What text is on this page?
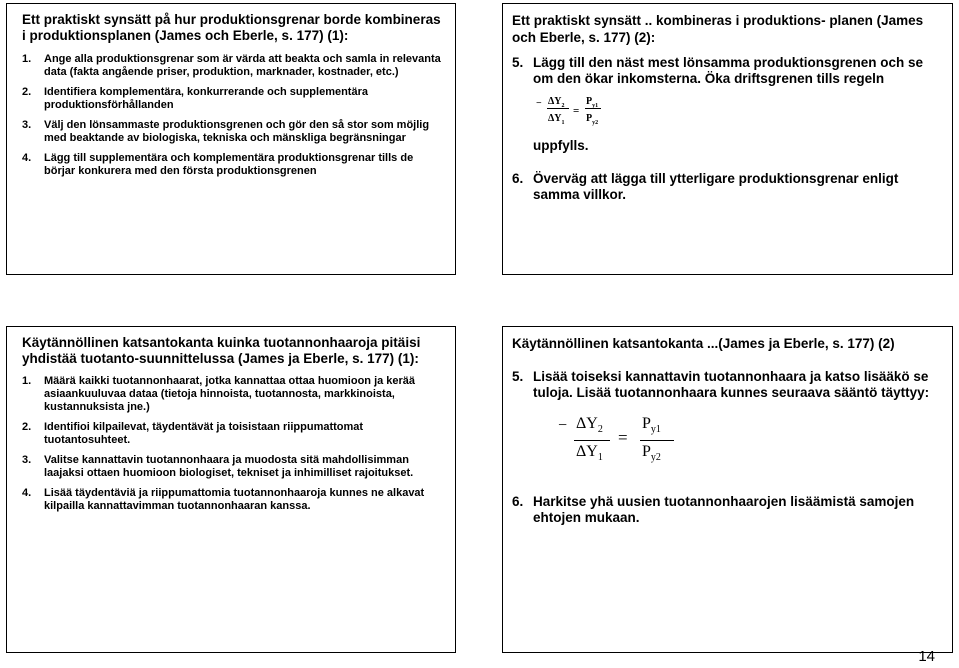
Ett praktiskt synsätt på hur produktionsgrenar borde kombineras i produktionsplanen (James och Eberle, s. 177) (1):
1.	Ange alla produktionsgrenar som är värda att beakta och samla in relevanta data (fakta angående priser, produktion, marknader, kostnader, etc.)
2.	Identifiera komplementära, konkurrerande och supplementära produktionsförhållanden
3.	Välj den lönsammaste produktionsgrenen och gör den så stor som möjlig med beaktande av biologiska, tekniska och mänskliga begränsningar
4.	Lägg till supplementära och komplementära produktionsgrenar tills de börjar konkurera med den första produktionsgrenen
Ett praktiskt synsätt .. kombineras i produktions- planen (James och Eberle, s. 177) (2):
5. Lägg till den näst mest lönsamma produktionsgrenen och se om den ökar inkomsterna. Öka driftsgrenen tills regeln
− $\Delta Y_2$ =
$P_{y1}$
$\Delta Y_1$ $P_{y2}$
uppfylls.
6. Överväg att lägga till ytterligare produktionsgrenar enligt samma villkor.
Käytännöllinen katsantokanta kuinka tuotannonhaaroja pitäisi yhdistää tuotanto-suunnittelussa (James ja Eberle, s. 177) (1):
1.	Määrä kaikki tuotannonhaarat, jotka kannattaa ottaa huomioon ja kerää asiaankuuluvaa dataa (tietoja hinnoista, tuotannosta, markkinoista, kustannuksista jne.)
2.	Identifioi kilpailevat, täydentävät ja toisistaan riippumattomat tuotantosuhteet.
3.	Valitse kannattavin tuotannonhaara ja muodosta sitä mahdollisimman laajaksi ottaen huomioon biologiset, tekniset ja inhimilliset rajoitukset.
4.	Lisää täydentäviä ja riippumattomia tuotannonhaaroja kunnes ne alkavat kilpailla kannattavimman tuotannonhaaran kanssa.
Käytännöllinen katsantokanta ...(James ja Eberle, s. 177) (2)
5. Lisää toiseksi kannattavin tuotannonhaara ja katso lisääkö se tuloja. Lisää tuotannonhaara kunnes seuraava sääntö täyttyy:
− $\Delta Y_2$ =
$P_{y1}$
$\Delta Y_1$ $P_{y2}$
6. Harkitse yhä uusien tuotannonhaarojen lisäämistä samojen ehtojen mukaan.
14
